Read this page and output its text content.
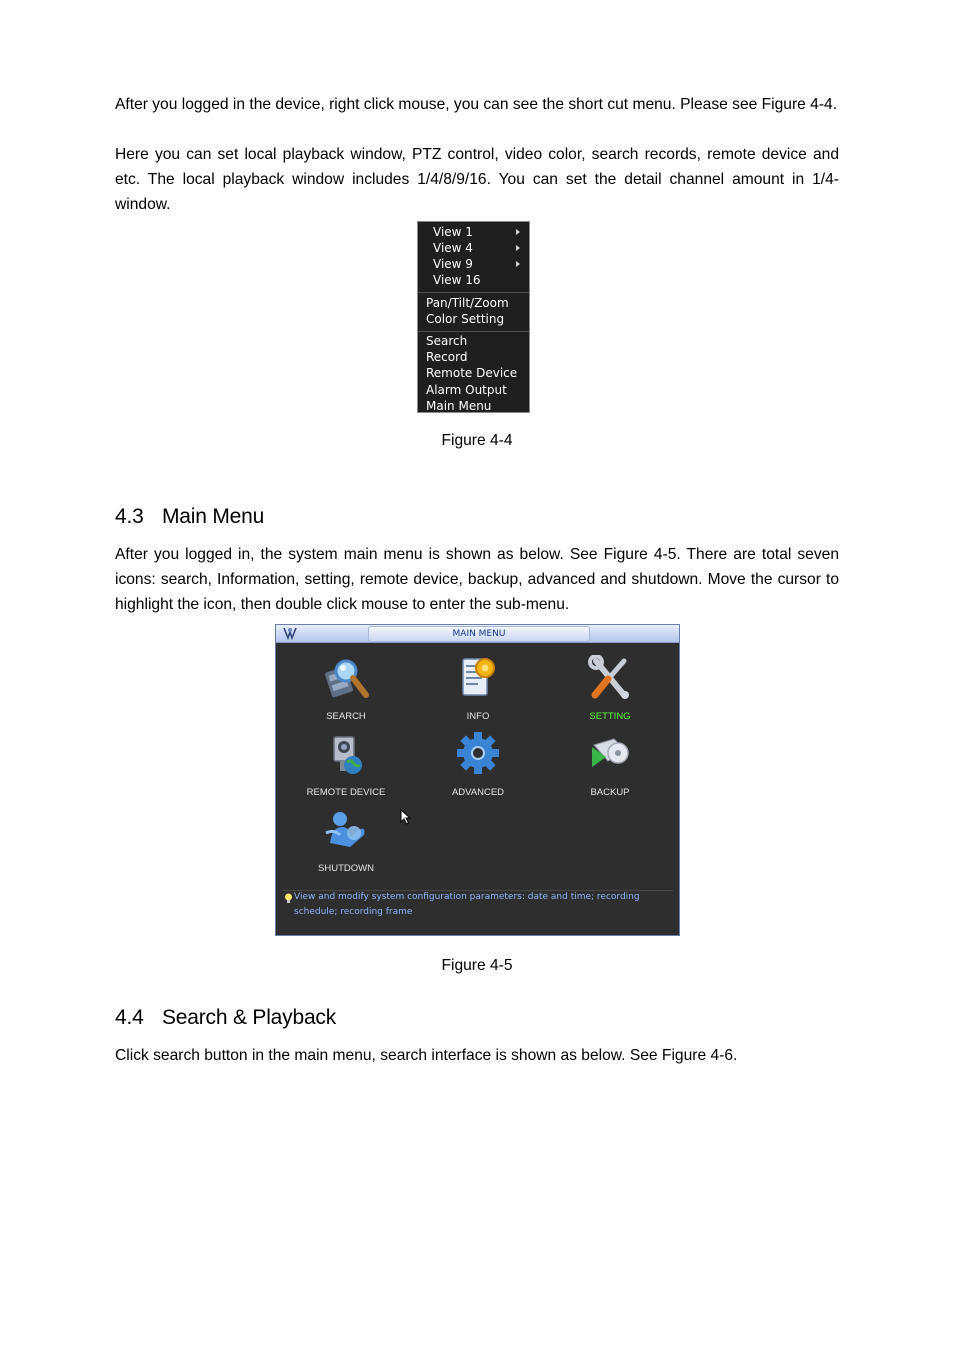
After you logged in the device, right click mouse, you can see the short cut menu. Please see Figure 4-4.

Here you can set local playback window, PTZ control, video color, search records, remote device and etc. The local playback window includes 1/4/8/9/16. You can set the detail channel amount in 1/4-window.

View 1
View 4
View 9
View 16
Pan/Tilt/Zoom
Color Setting
Search
Record
Remote Device
Alarm Output
Main Menu
Figure 4-4
4.3 Main Menu

After you logged in, the system main menu is shown as below. See Figure 4-5. There are total seven icons: search, Information, setting, remote device, backup, advanced and shutdown. Move the cursor to highlight the icon, then double click mouse to enter the sub-menu.

MAIN MENU
SEARCH	INFO	SETTING
REMOTE DEVICE	ADVANCED	BACKUP
SHUTDOWN
View and modify system configuration parameters: date and time; recording schedule; recording frame
Figure 4-5
4.4 Search & Playback

Click search button in the main menu, search interface is shown as below. See Figure 4-6.
